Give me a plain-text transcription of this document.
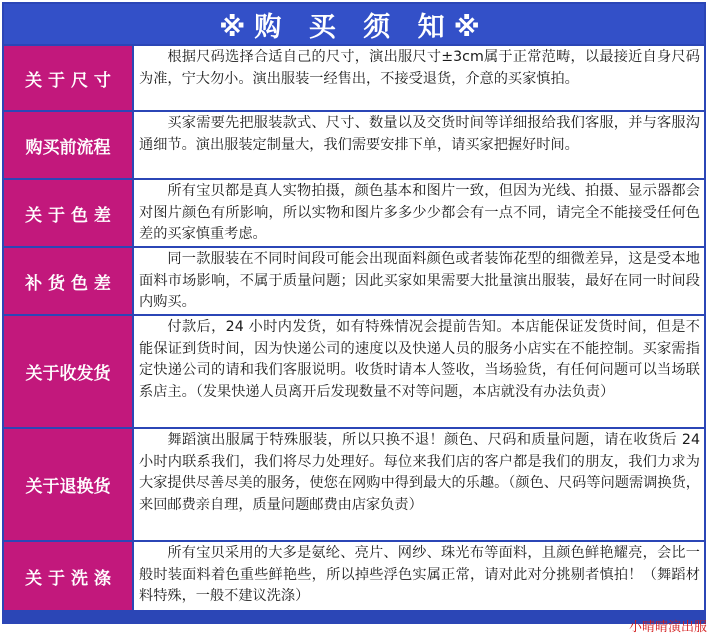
※购 买 须 知※
关 于 尺 寸

根据尺码选择合适自己的尺寸，演出服尺寸±3cm属于正常范畴，以最接近自身尺码为准，宁大勿小。演出服装一经售出，不接受退货，介意的买家慎拍。

购买前流程

买家需要先把服装款式、尺寸、数量以及交货时间等详细报给我们客服，并与客服沟通细节。演出服装定制量大，我们需要安排下单，请买家把握好时间。

关 于 色 差

所有宝贝都是真人实物拍摄，颜色基本和图片一致，但因为光线、拍摄、显示器都会对图片颜色有所影响，所以实物和图片多多少少都会有一点不同，请完全不能接受任何色差的买家慎重考虑。

补 货 色 差

同一款服装在不同时间段可能会出现面料颜色或者装饰花型的细微差异，这是受本地面料市场影响，不属于质量问题；因此买家如果需要大批量演出服装，最好在同一时间段内购买。

关于收发货

付款后，24 小时内发货，如有特殊情况会提前告知。本店能保证发货时间，但是不能保证到货时间，因为快递公司的速度以及快递人员的服务小店实在不能控制。买家需指定快递公司的请和我们客服说明。收货时请本人签收，当场验货，有任何问题可以当场联系店主。（发果快递人员离开后发现数量不对等问题，本店就没有办法负责）

关于退换货

舞蹈演出服属于特殊服装，所以只换不退！颜色、尺码和质量问题，请在收货后 24 小时内联系我们，我们将尽力处理好。每位来我们店的客户都是我们的朋友，我们力求为大家提供尽善尽美的服务，使您在网购中得到最大的乐趣。（颜色、尺码等问题需调换货，来回邮费亲自理，质量问题邮费由店家负责）

关 于 洗 涤

所有宝贝采用的大多是氨纶、亮片、网纱、珠光布等面料，且颜色鲜艳耀亮，会比一般时装面料着色重些鲜艳些，所以掉些浮色实属正常，请对此对分挑剔者慎拍！（舞蹈材料特殊，一般不建议洗涤）

小晴晴演出服
